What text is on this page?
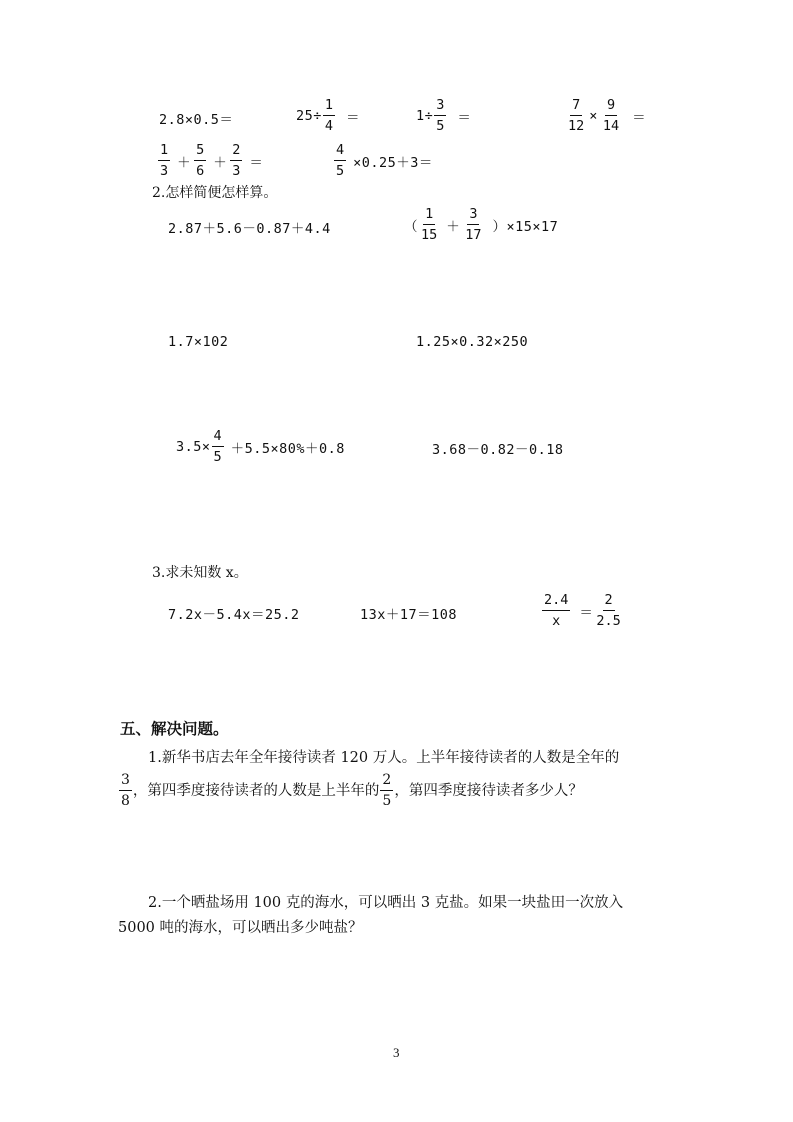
2.8×0.5＝	$25\div \frac{1}{4}$ ＝	$1\div \frac{3}{5}$ ＝	$\frac{7}{12} \times \frac{9}{14}$ ＝
$\frac{1}{3} + \frac{5}{6} + \frac{2}{3}$ ＝	$\frac{4}{5} \times 0.25+3=$
2.怎样简便怎样算。
2.87＋5.6－0.87＋4.4	（ $\frac{1}{15} + \frac{3}{17} )\times 15\times 17$
1.7×102	1.25×0.32×250
$3.5\times \frac{4}{5} +5.5\times 80\%+0.8$	3.68－0.82－0.18
3.求未知数 x。
7.2x－5.4x＝25.2	13x＋17＝108	$\frac{2.4}{x} = \frac{2}{2.5}$
五、解决问题。
1.新华书店去年全年接待读者 120 万人。上半年接待读者的人数是全年的
$\frac{3}{8}$ ，第四季度接待读者的人数是上半年的 $\frac{2}{5}$ ，第四季度接待读者多少人？
2.一个晒盐场用 100 克的海水，可以晒出 3 克盐。如果一块盐田一次放入
5000 吨的海水，可以晒出多少吨盐？
3
